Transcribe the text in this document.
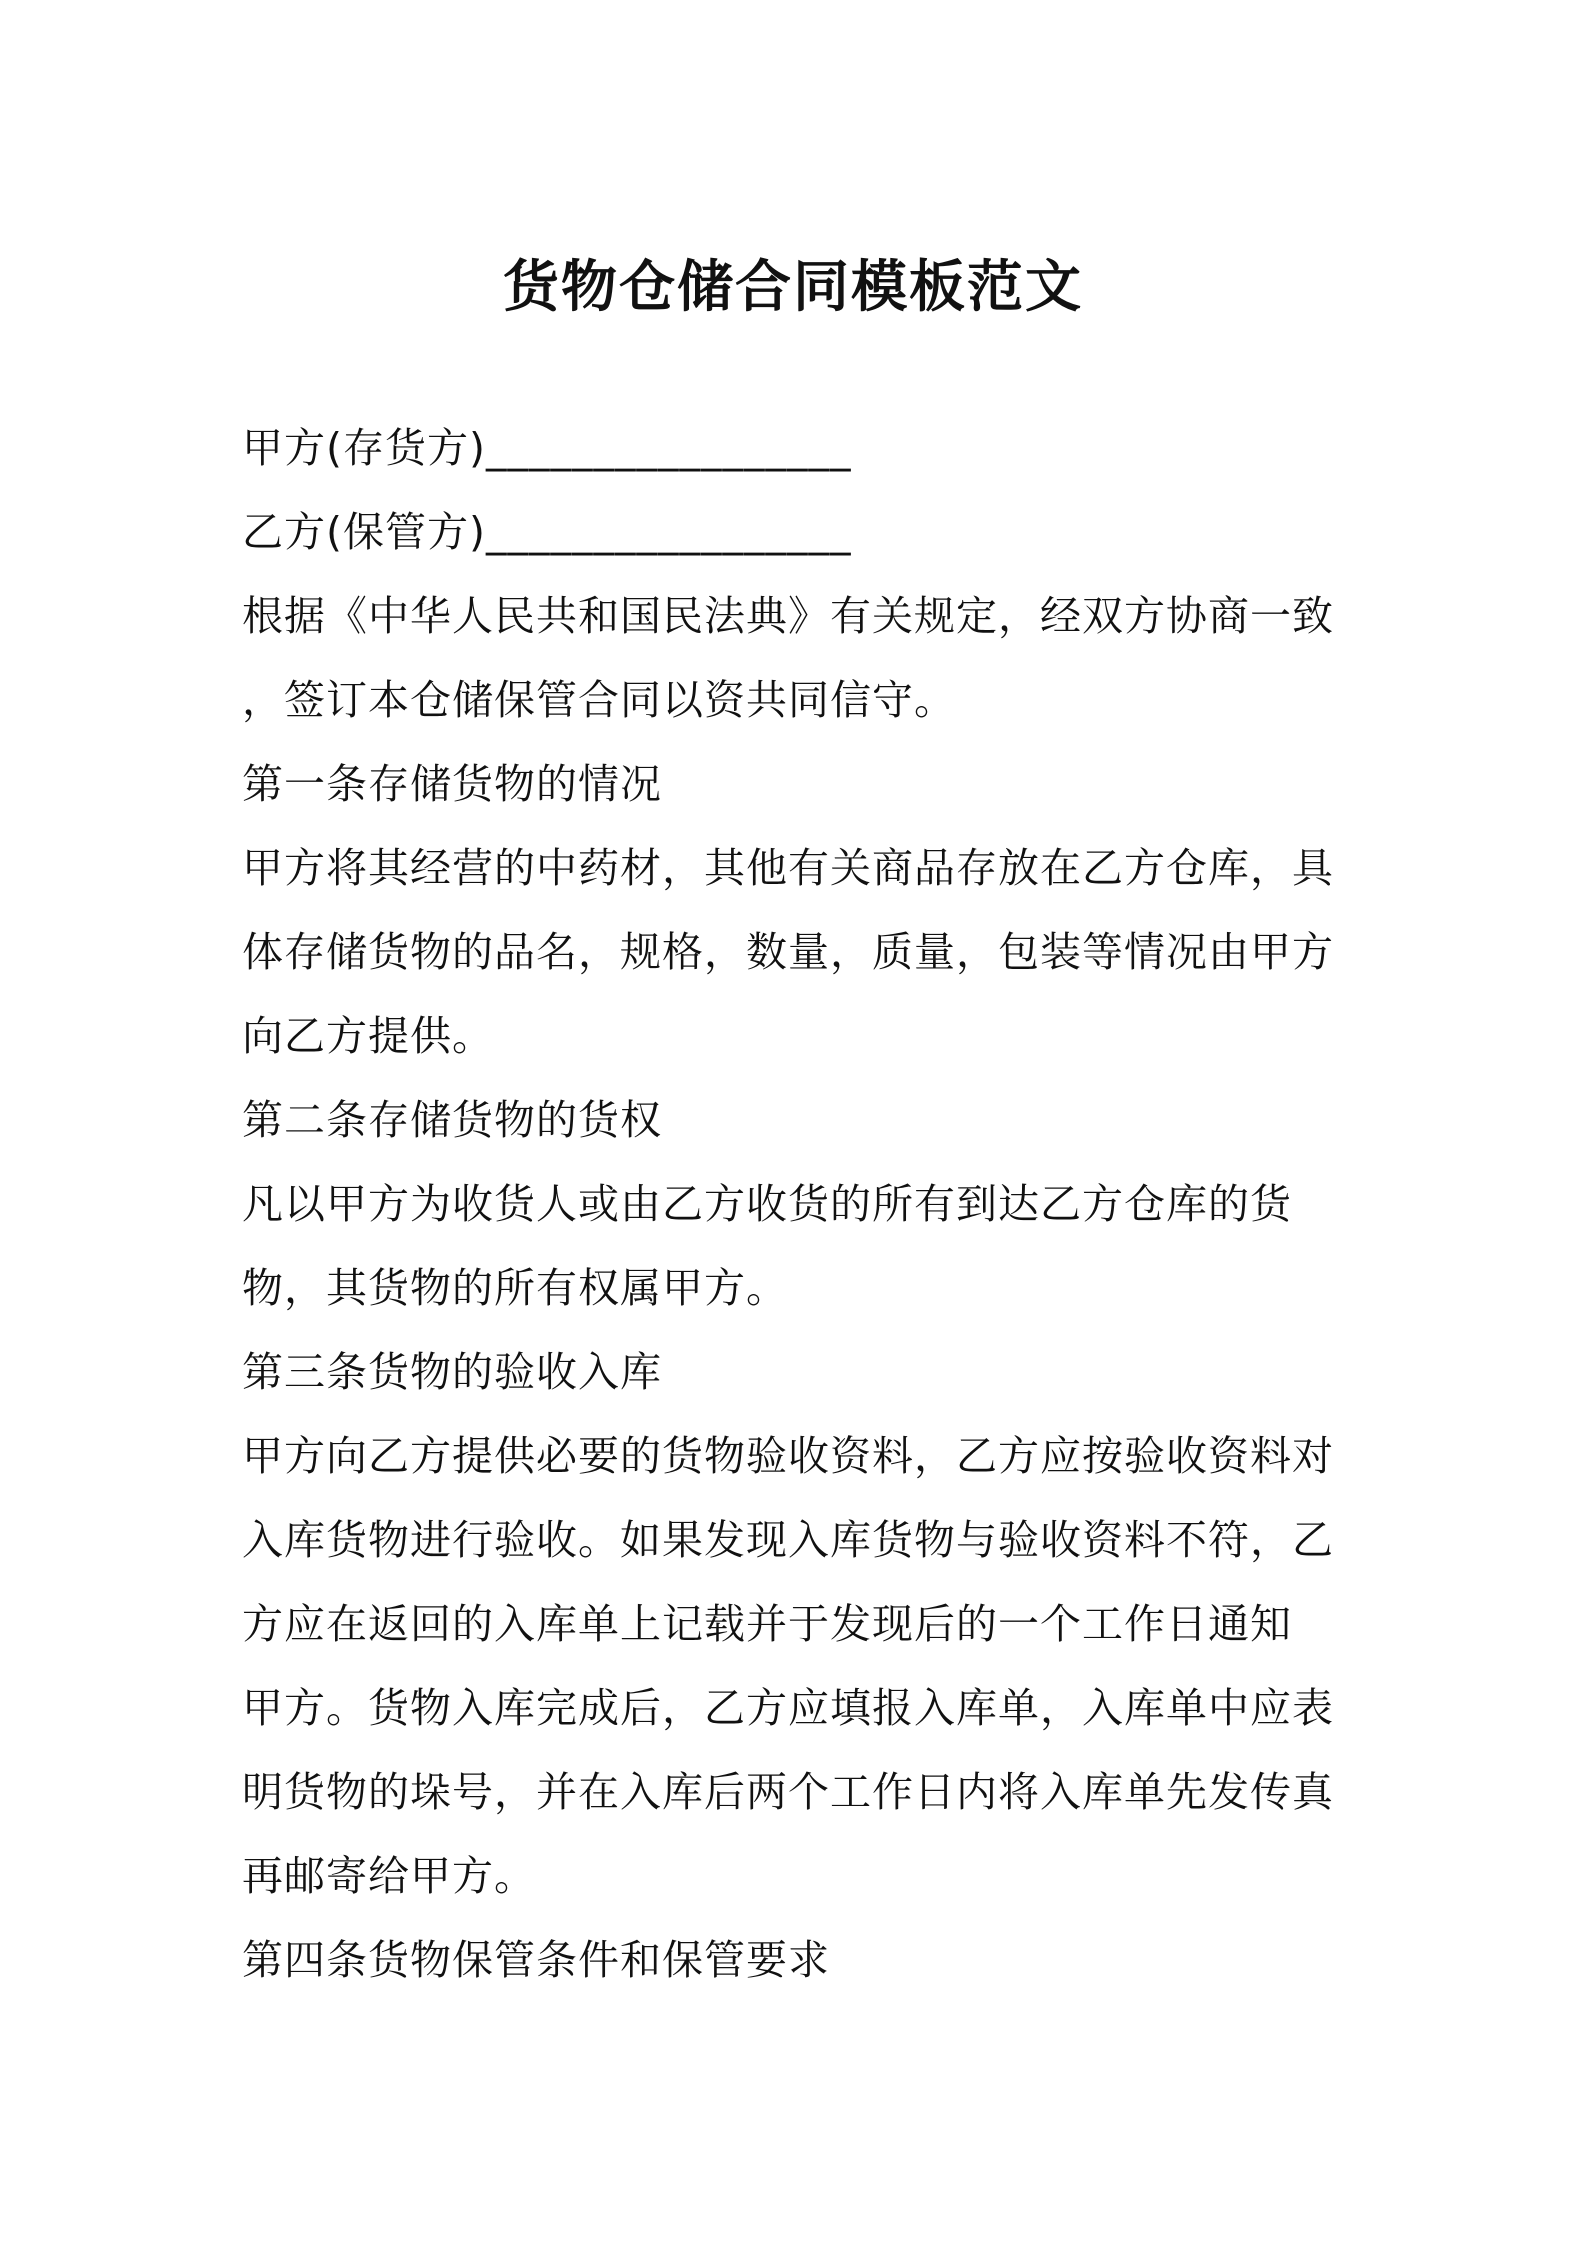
货物仓储合同模板范文
甲方(存货方)_________________
乙方(保管方)_________________
根据《中华人民共和国民法典》有关规定，经双方协商一致
，签订本仓储保管合同以资共同信守。
第一条存储货物的情况
甲方将其经营的中药材，其他有关商品存放在乙方仓库，具
体存储货物的品名，规格，数量，质量，包装等情况由甲方
向乙方提供。
第二条存储货物的货权
凡以甲方为收货人或由乙方收货的所有到达乙方仓库的货
物，其货物的所有权属甲方。
第三条货物的验收入库
甲方向乙方提供必要的货物验收资料，乙方应按验收资料对
入库货物进行验收。如果发现入库货物与验收资料不符，乙
方应在返回的入库单上记载并于发现后的一个工作日通知
甲方。货物入库完成后，乙方应填报入库单，入库单中应表
明货物的垛号，并在入库后两个工作日内将入库单先发传真
再邮寄给甲方。
第四条货物保管条件和保管要求
